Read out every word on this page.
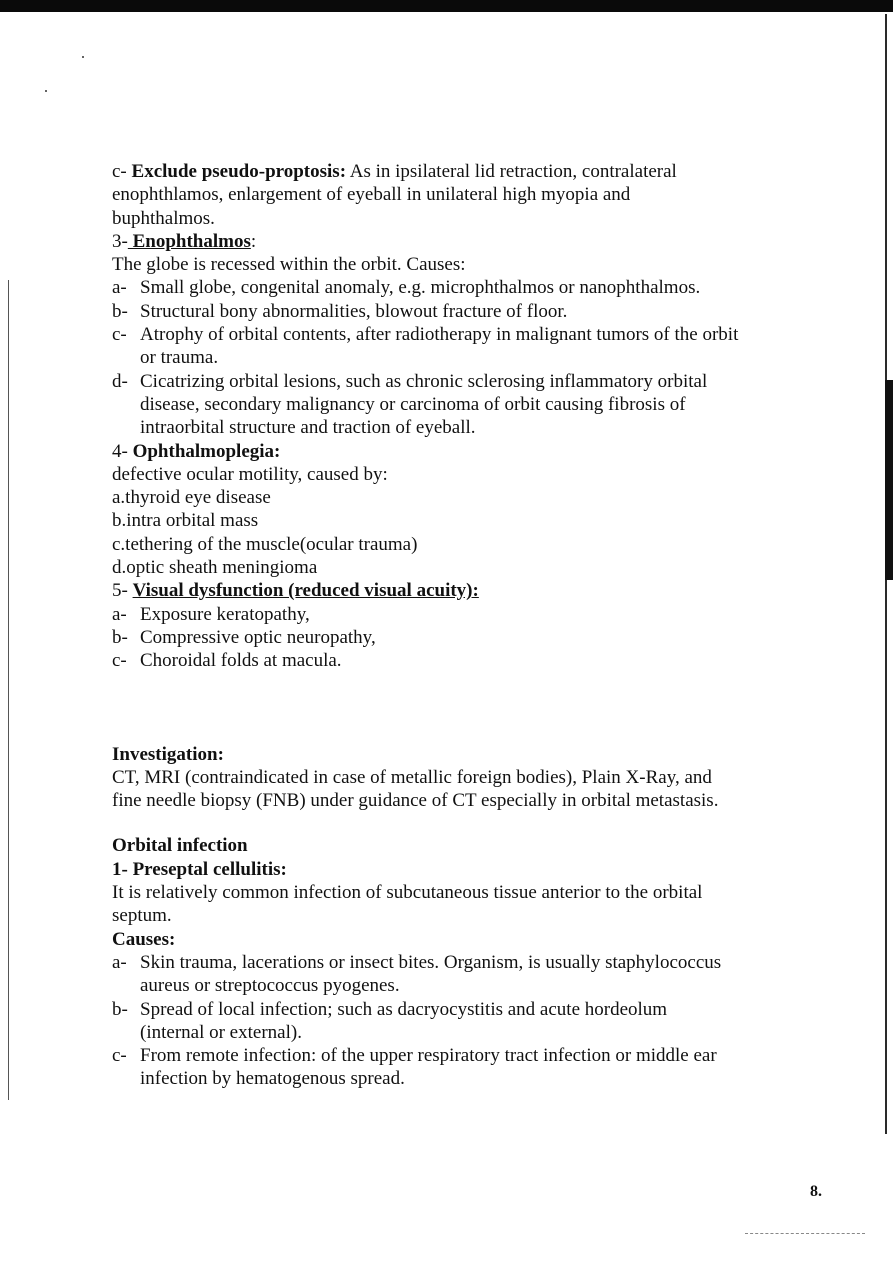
c- Exclude pseudo-proptosis: As in ipsilateral lid retraction, contralateral
enophthlamos, enlargement of eyeball in unilateral high myopia and
buphthalmos.
3- Enophthalmos:
The globe is recessed within the orbit. Causes:
a- Small globe, congenital anomaly, e.g. microphthalmos or nanophthalmos.
b- Structural bony abnormalities, blowout fracture of floor.
c- Atrophy of orbital contents, after radiotherapy in malignant tumors of the orbit or trauma.
d- Cicatrizing orbital lesions, such as chronic sclerosing inflammatory orbital disease, secondary malignancy or carcinoma of orbit causing fibrosis of intraorbital structure and traction of eyeball.
4- Ophthalmoplegia:
defective ocular motility, caused by:
a.thyroid eye disease
b.intra orbital mass
c.tethering of the muscle(ocular trauma)
d.optic sheath meningioma
5- Visual dysfunction (reduced visual acuity):
a- Exposure keratopathy,
b- Compressive optic neuropathy,
c- Choroidal folds at macula.
Investigation:
CT, MRI (contraindicated in case of metallic foreign bodies), Plain X-Ray, and
fine needle biopsy (FNB) under guidance of CT especially in orbital metastasis.
Orbital infection
1- Preseptal cellulitis:
It is relatively common infection of subcutaneous tissue anterior to the orbital
septum.
Causes:
a- Skin trauma, lacerations or insect bites. Organism, is usually staphylococcus aureus or streptococcus pyogenes.
b- Spread of local infection; such as dacryocystitis and acute hordeolum (internal or external).
c- From remote infection: of the upper respiratory tract infection or middle ear infection by hematogenous spread.
8.
